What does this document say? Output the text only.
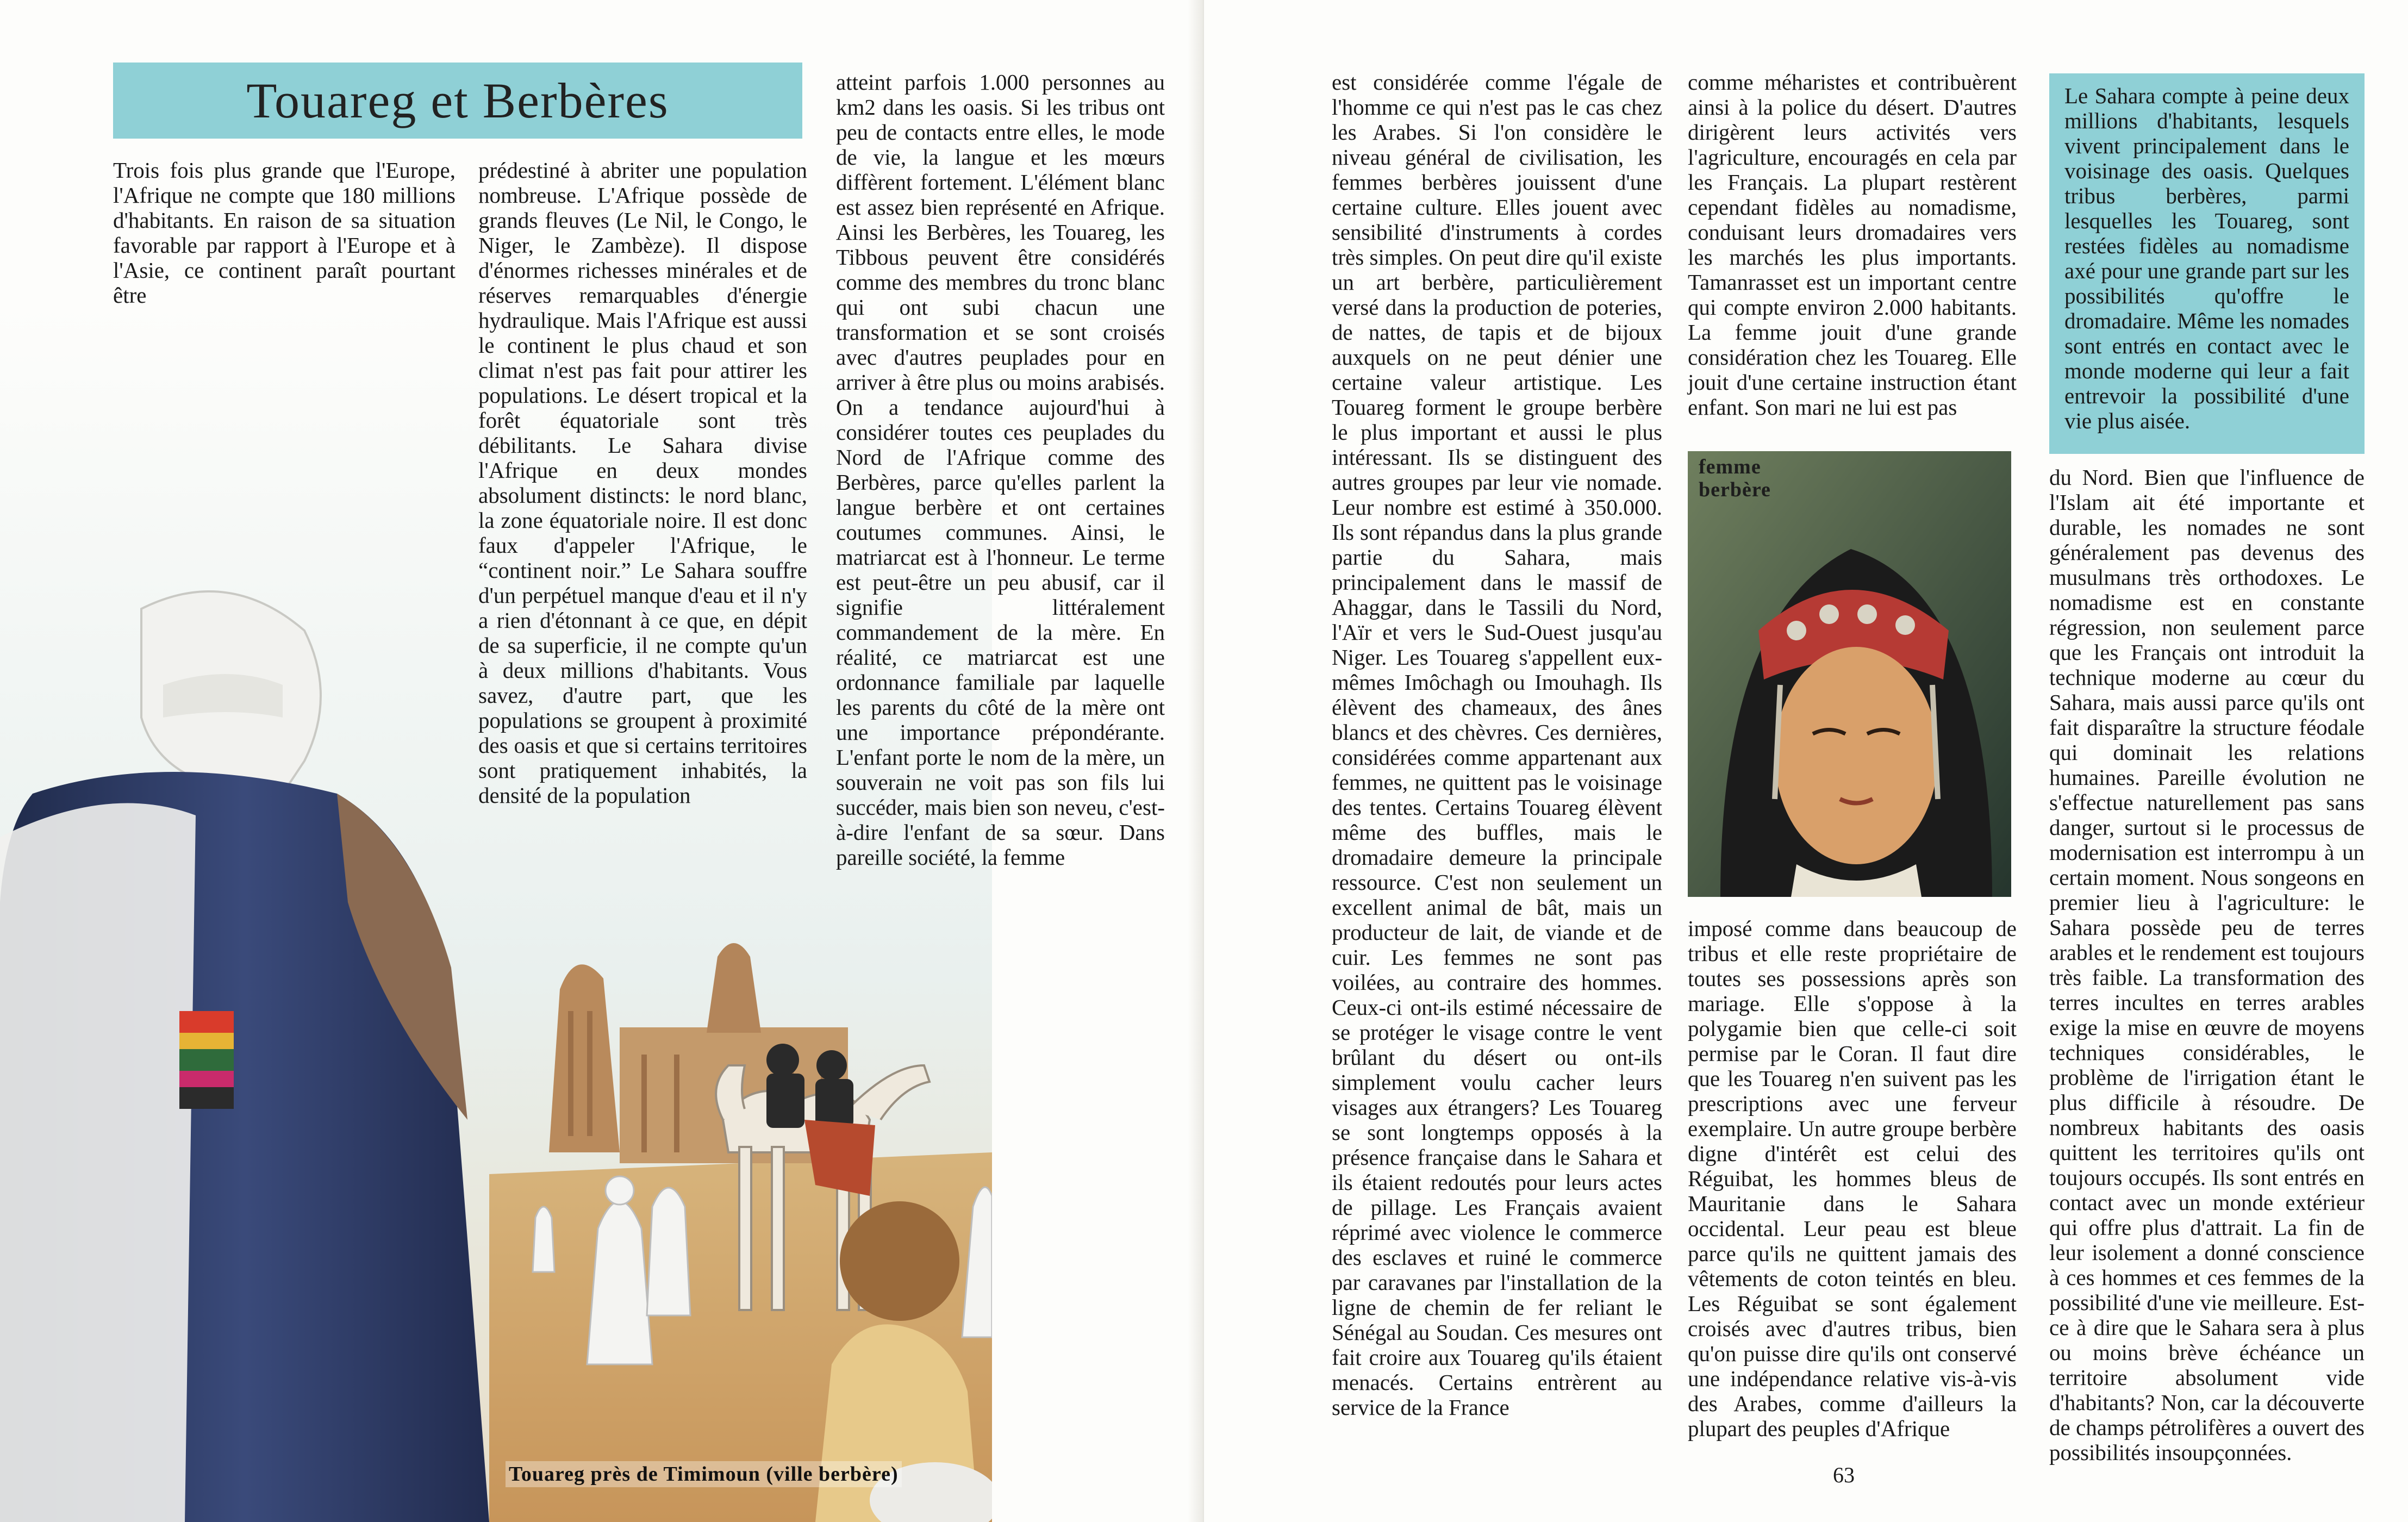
Touareg et Berbères

Trois fois plus grande que l'Europe, l'Afrique ne compte que 180 millions d'habitants. En raison de sa situation favorable par rapport à l'Europe et à l'Asie, ce continent paraît pourtant être

prédestiné à abriter une population nombreuse. L'Afrique possède de grands fleuves (Le Nil, le Congo, le Niger, le Zambèze). Il dispose d'énormes richesses minérales et de réserves remarquables d'énergie hydraulique. Mais l'Afrique est aussi le continent le plus chaud et son climat n'est pas fait pour attirer les populations. Le désert tropical et la forêt équatoriale sont très débilitants. Le Sahara divise l'Afrique en deux mondes absolument distincts: le nord blanc, la zone équatoriale noire. Il est donc faux d'appeler l'Afrique, le “continent noir.” Le Sahara souffre d'un perpétuel manque d'eau et il n'y a rien d'étonnant à ce que, en dépit de sa superficie, il ne compte qu'un à deux millions d'habitants. Vous savez, d'autre part, que les populations se groupent à proximité des oasis et que si certains territoires sont pratiquement inhabités, la densité de la population

atteint parfois 1.000 personnes au km2 dans les oasis. Si les tribus ont peu de contacts entre elles, le mode de vie, la langue et les mœurs diffèrent fortement. L'élément blanc est assez bien représenté en Afrique. Ainsi les Berbères, les Touareg, les Tibbous peuvent être considérés comme des membres du tronc blanc qui ont subi chacun une transformation et se sont croisés avec d'autres peuplades pour en arriver à être plus ou moins arabisés. On a tendance aujourd'hui à considérer toutes ces peuplades du Nord de l'Afrique comme des Berbères, parce qu'elles parlent la langue berbère et ont certaines coutumes communes. Ainsi, le matriarcat est à l'honneur. Le terme est peut-être un peu abusif, car il signifie littéralement commandement de la mère. En réalité, ce matriarcat est une ordonnance familiale par laquelle les parents du côté de la mère ont une importance prépondérante. L'enfant porte le nom de la mère, un souverain ne voit pas son fils lui succéder, mais bien son neveu, c'est-à-dire l'enfant de sa sœur. Dans pareille société, la femme

Touareg près de Timimoun (ville berbère)

est considérée comme l'égale de l'homme ce qui n'est pas le cas chez les Arabes. Si l'on considère le niveau général de civilisation, les femmes berbères jouissent d'une certaine culture. Elles jouent avec sensibilité d'instruments à cordes très simples. On peut dire qu'il existe un art berbère, particulièrement versé dans la production de poteries, de nattes, de tapis et de bijoux auxquels on ne peut dénier une certaine valeur artistique. Les Touareg forment le groupe berbère le plus important et aussi le plus intéressant. Ils se distinguent des autres groupes par leur vie nomade. Leur nombre est estimé à 350.000. Ils sont répandus dans la plus grande partie du Sahara, mais principalement dans le massif de Ahaggar, dans le Tassili du Nord, l'Aïr et vers le Sud-Ouest jusqu'au Niger. Les Touareg s'appellent eux-mêmes Imôchagh ou Imouhagh. Ils élèvent des chameaux, des ânes blancs et des chèvres. Ces dernières, considérées comme appartenant aux femmes, ne quittent pas le voisinage des tentes. Certains Touareg élèvent même des buffles, mais le dromadaire demeure la principale ressource. C'est non seulement un excellent animal de bât, mais un producteur de lait, de viande et de cuir. Les femmes ne sont pas voilées, au contraire des hommes. Ceux-ci ont-ils estimé nécessaire de se protéger le visage contre le vent brûlant du désert ou ont-ils simplement voulu cacher leurs visages aux étrangers? Les Touareg se sont longtemps opposés à la présence française dans le Sahara et ils étaient redoutés pour leurs actes de pillage. Les Français avaient réprimé avec violence le commerce des esclaves et ruiné le commerce par caravanes par l'installation de la ligne de chemin de fer reliant le Sénégal au Soudan. Ces mesures ont fait croire aux Touareg qu'ils étaient menacés. Certains entrèrent au service de la France

comme méharistes et contribuèrent ainsi à la police du désert. D'autres dirigèrent leurs activités vers l'agriculture, encouragés en cela par les Français. La plupart restèrent cependant fidèles au nomadisme, conduisant leurs dromadaires vers les marchés les plus importants. Tamanrasset est un important centre qui compte environ 2.000 habitants. La femme jouit d'une grande considération chez les Touareg. Elle jouit d'une certaine instruction étant enfant. Son mari ne lui est pas

femme
berbère

imposé comme dans beaucoup de tribus et elle reste propriétaire de toutes ses possessions après son mariage. Elle s'oppose à la polygamie bien que celle-ci soit permise par le Coran. Il faut dire que les Touareg n'en suivent pas les prescriptions avec une ferveur exemplaire. Un autre groupe berbère digne d'intérêt est celui des Réguibat, les hommes bleus de Mauritanie dans le Sahara occidental. Leur peau est bleue parce qu'ils ne quittent jamais des vêtements de coton teintés en bleu. Les Réguibat se sont également croisés avec d'autres tribus, bien qu'on puisse dire qu'ils ont conservé une indépendance relative vis-à-vis des Arabes, comme d'ailleurs la plupart des peuples d'Afrique

Le Sahara compte à peine deux millions d'habitants, lesquels vivent principalement dans le voisinage des oasis. Quelques tribus berbères, parmi lesquelles les Touareg, sont restées fidèles au nomadisme axé pour une grande part sur les possibilités qu'offre le dromadaire. Même les nomades sont entrés en contact avec le monde moderne qui leur a fait entrevoir la possibilité d'une vie plus aisée.

du Nord. Bien que l'influence de l'Islam ait été importante et durable, les nomades ne sont généralement pas devenus des musulmans très orthodoxes. Le nomadisme est en constante régression, non seulement parce que les Français ont introduit la technique moderne au cœur du Sahara, mais aussi parce qu'ils ont fait disparaître la structure féodale qui dominait les relations humaines. Pareille évolution ne s'effectue naturellement pas sans danger, surtout si le processus de modernisation est interrompu à un certain moment. Nous songeons en premier lieu à l'agriculture: le Sahara possède peu de terres arables et le rendement est toujours très faible. La transformation des terres incultes en terres arables exige la mise en œuvre de moyens techniques considérables, le problème de l'irrigation étant le plus difficile à résoudre. De nombreux habitants des oasis quittent les territoires qu'ils ont toujours occupés. Ils sont entrés en contact avec un monde extérieur qui offre plus d'attrait. La fin de leur isolement a donné conscience à ces hommes et ces femmes de la possibilité d'une vie meilleure. Est-ce à dire que le Sahara sera à plus ou moins brève échéance un territoire absolument vide d'habitants? Non, car la découverte de champs pétrolifères a ouvert des possibilités insoupçonnées.

63
